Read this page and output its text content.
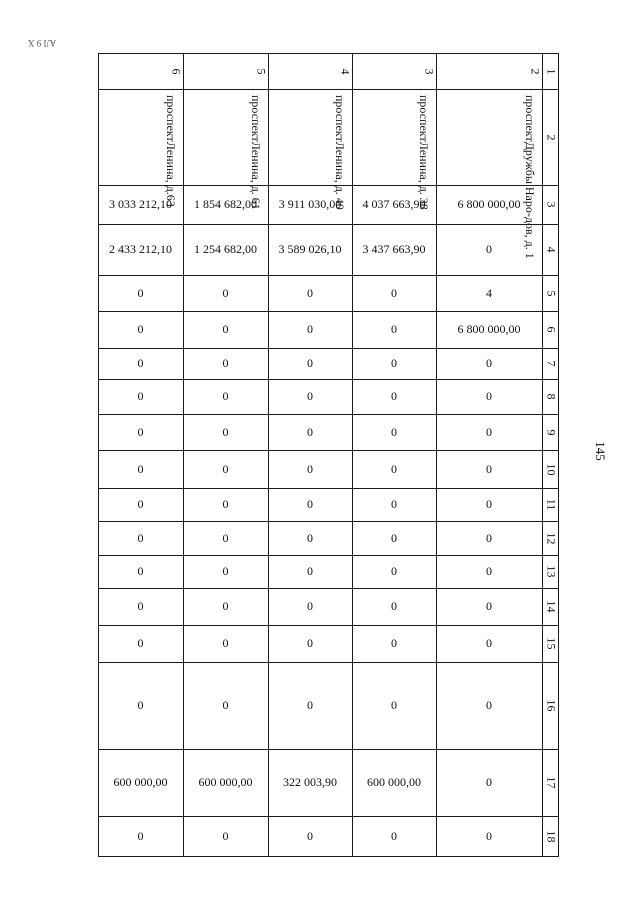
АЛ 9 Х
145
1
2
3
4
5
6
7
8
9
10
11
12
13
14
15
16
17
18
2
проспектДружбы Наро-дов, д. 1
6 800 000,00
0
4
6 800 000,00
0
0
0
0
0
0
0
0
0
0
0
0
3
проспектЛенина, д. 38
4 037 663,90
3 437 663,90
0
0
0
0
0
0
0
0
0
0
0
0
600 000,00
0
4
проспектЛенина, д. 40
3 911 030,00
3 589 026,10
0
0
0
0
0
0
0
0
0
0
0
0
322 003,90
0
5
проспектЛенина, д. 61
1 854 682,00
1 254 682,00
0
0
0
0
0
0
0
0
0
0
0
0
600 000,00
0
6
проспектЛенина, д.63
3 033 212,10
2 433 212,10
0
0
0
0
0
0
0
0
0
0
0
0
600 000,00
0
